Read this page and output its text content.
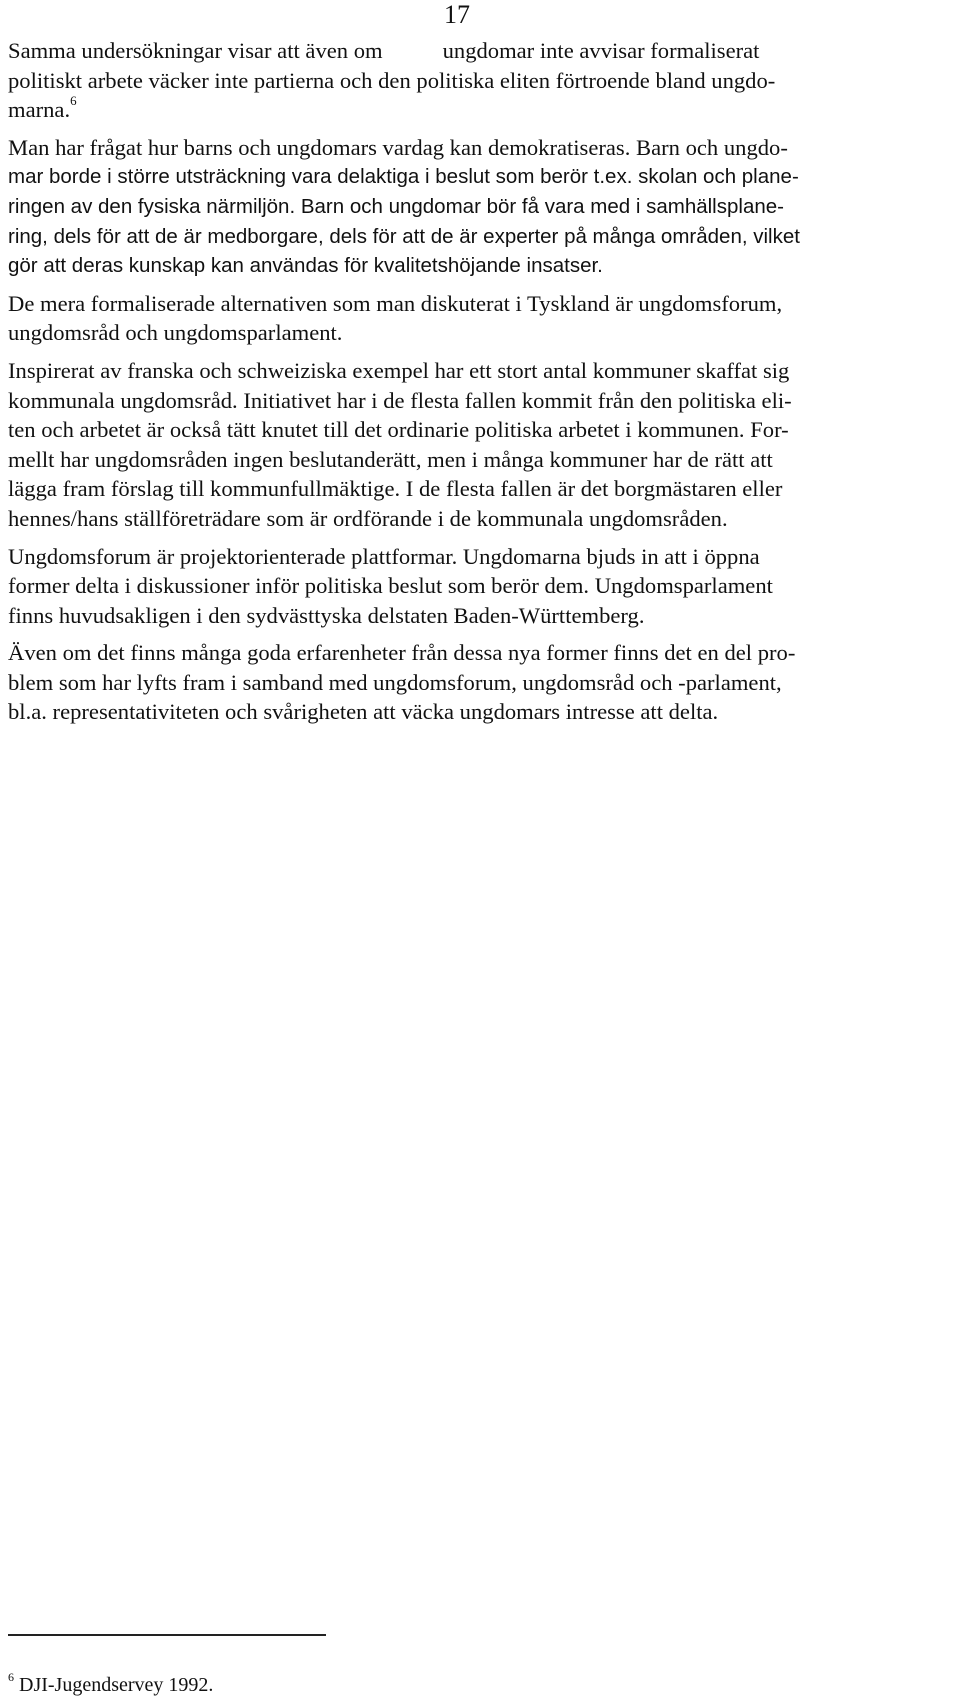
17
Samma undersökningar visar att även om	ungdomar inte avvisar formaliserat
politiskt arbete väcker inte partierna och den politiska eliten förtroende bland ungdo-
marna.$^6$
Man har frågat hur barns och ungdomars vardag kan demokratiseras. Barn och ungdo-
mar borde i större utsträckning vara delaktiga i beslut som berör t.ex. skolan och plane-
ringen av den fysiska närmiljön. Barn och ungdomar bör få vara med i samhällsplane-
ring, dels för att de är medborgare, dels för att de är experter på många områden, vilket
gör att deras kunskap kan användas för kvalitetshöjande insatser.
De mera formaliserade alternativen som man diskuterat i Tyskland är ungdomsforum,
ungdomsråd och ungdomsparlament.
Inspirerat av franska och schweiziska exempel har ett stort antal kommuner skaffat sig
kommunala ungdomsråd. Initiativet har i de flesta fallen kommit från den politiska eli-
ten och arbetet är också tätt knutet till det ordinarie politiska arbetet i kommunen. For-
mellt har ungdomsråden ingen beslutanderätt, men i många kommuner har de rätt att
lägga fram förslag till kommunfullmäktige. I de flesta fallen är det borgmästaren eller
hennes/hans ställföreträdare som är ordförande i de kommunala ungdomsråden.
Ungdomsforum är projektorienterade plattformar. Ungdomarna bjuds in att i öppna
former delta i diskussioner inför politiska beslut som berör dem. Ungdomsparlament
finns huvudsakligen i den sydvästtyska delstaten Baden-Württemberg.
Även om det finns många goda erfarenheter från dessa nya former finns det en del pro-
blem som har lyfts fram i samband med ungdomsforum, ungdomsråd och -parlament,
bl.a. representativiteten och svårigheten att väcka ungdomars intresse att delta.
$^6$ DJI-Jugendservey 1992.
